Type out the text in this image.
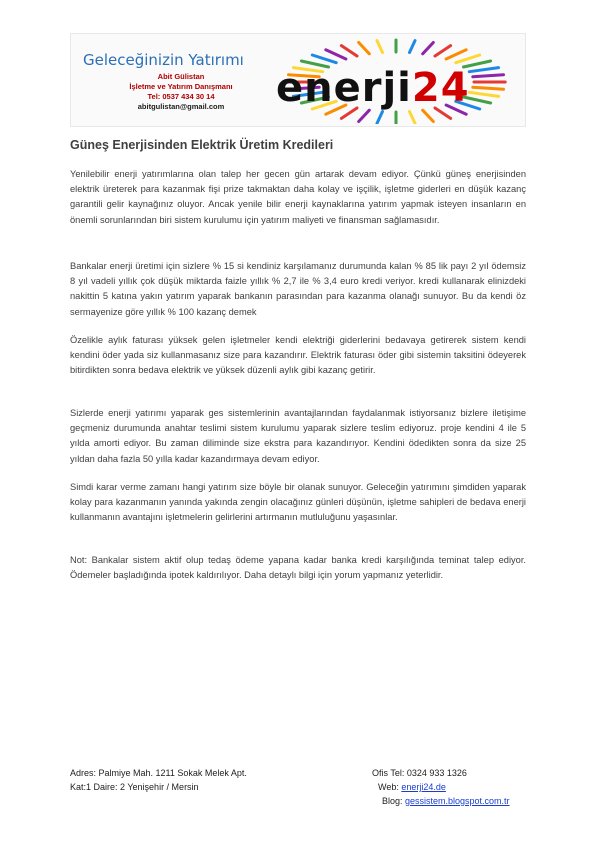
Geleceğinizin Yatırımı
Abit Gülistan
İşletme ve Yatırım Danışmanı
Tel: 0537 434 30 14
abitgulistan@gmail.com	enerji24
Güneş Enerjisinden Elektrik Üretim Kredileri

Yenilebilir enerji yatırımlarına olan talep her gecen gün artarak devam ediyor. Çünkü güneş enerjisinden elektrik üreterek para kazanmak fişi prize takmaktan daha kolay ve işçilik, işletme giderleri en düşük kazanç garantili gelir kaynağınız oluyor. Ancak yenile bilir enerji kaynaklarına yatırım yapmak isteyen insanların en önemli sorunlarından biri sistem kurulumu için yatırım maliyeti ve finansman sağlamasıdır.

Bankalar enerji üretimi için sizlere % 15 si kendiniz karşılamanız durumunda kalan % 85 lik payı 2 yıl ödemsiz 8 yıl vadeli yıllık çok düşük miktarda faizle yıllık % 2,7 ile % 3,4 euro kredi veriyor. kredi kullanarak elinizdeki nakittin 5 katına yakın yatırım yaparak bankanın parasından para kazanma olanağı sunuyor. Bu da kendi öz sermayenize göre yıllık % 100 kazanç demek

Özelikle aylık faturası yüksek gelen işletmeler kendi elektriği giderlerini bedavaya getirerek sistem kendi kendini öder yada siz kullanmasanız size para kazandırır. Elektrik faturası öder gibi sistemin taksitini ödeyerek bitirdikten sonra bedava elektrik ve yüksek düzenli aylık gibi kazanç getirir.

Sizlerde enerji yatırımı yaparak ges sistemlerinin avantajlarından faydalanmak istiyorsanız bizlere iletişime geçmeniz durumunda anahtar teslimi sistem kurulumu yaparak sizlere teslim ediyoruz. proje kendini 4 ile 5 yılda amorti ediyor. Bu zaman diliminde size ekstra para kazandırıyor. Kendini ödedikten sonra da size 25 yıldan daha fazla 50 yılla kadar kazandırmaya devam ediyor.

Simdi karar verme zamanı hangi yatırım size böyle bir olanak sunuyor. Geleceğin yatırımını şimdiden yaparak kolay para kazanmanın yanında yakında zengin olacağınız günleri düşünün, işletme sahipleri de bedava enerji kullanmanın avantajını işletmelerin gelirlerini artırmanın mutluluğunu yaşasınlar.

Not: Bankalar sistem aktif olup tedaş ödeme yapana kadar banka kredi karşılığında teminat talep ediyor. Ödemeler başladığında ipotek kaldırılıyor. Daha detaylı bilgi için yorum yapmanız yeterlidir.

Adres: Palmiye Mah. 1211 Sokak Melek Apt.
Kat:1 Daire: 2 Yenişehir / Mersin
Ofis Tel: 0324 933 1326
Web: enerji24.de
Blog: gessistem.blogspot.com.tr
